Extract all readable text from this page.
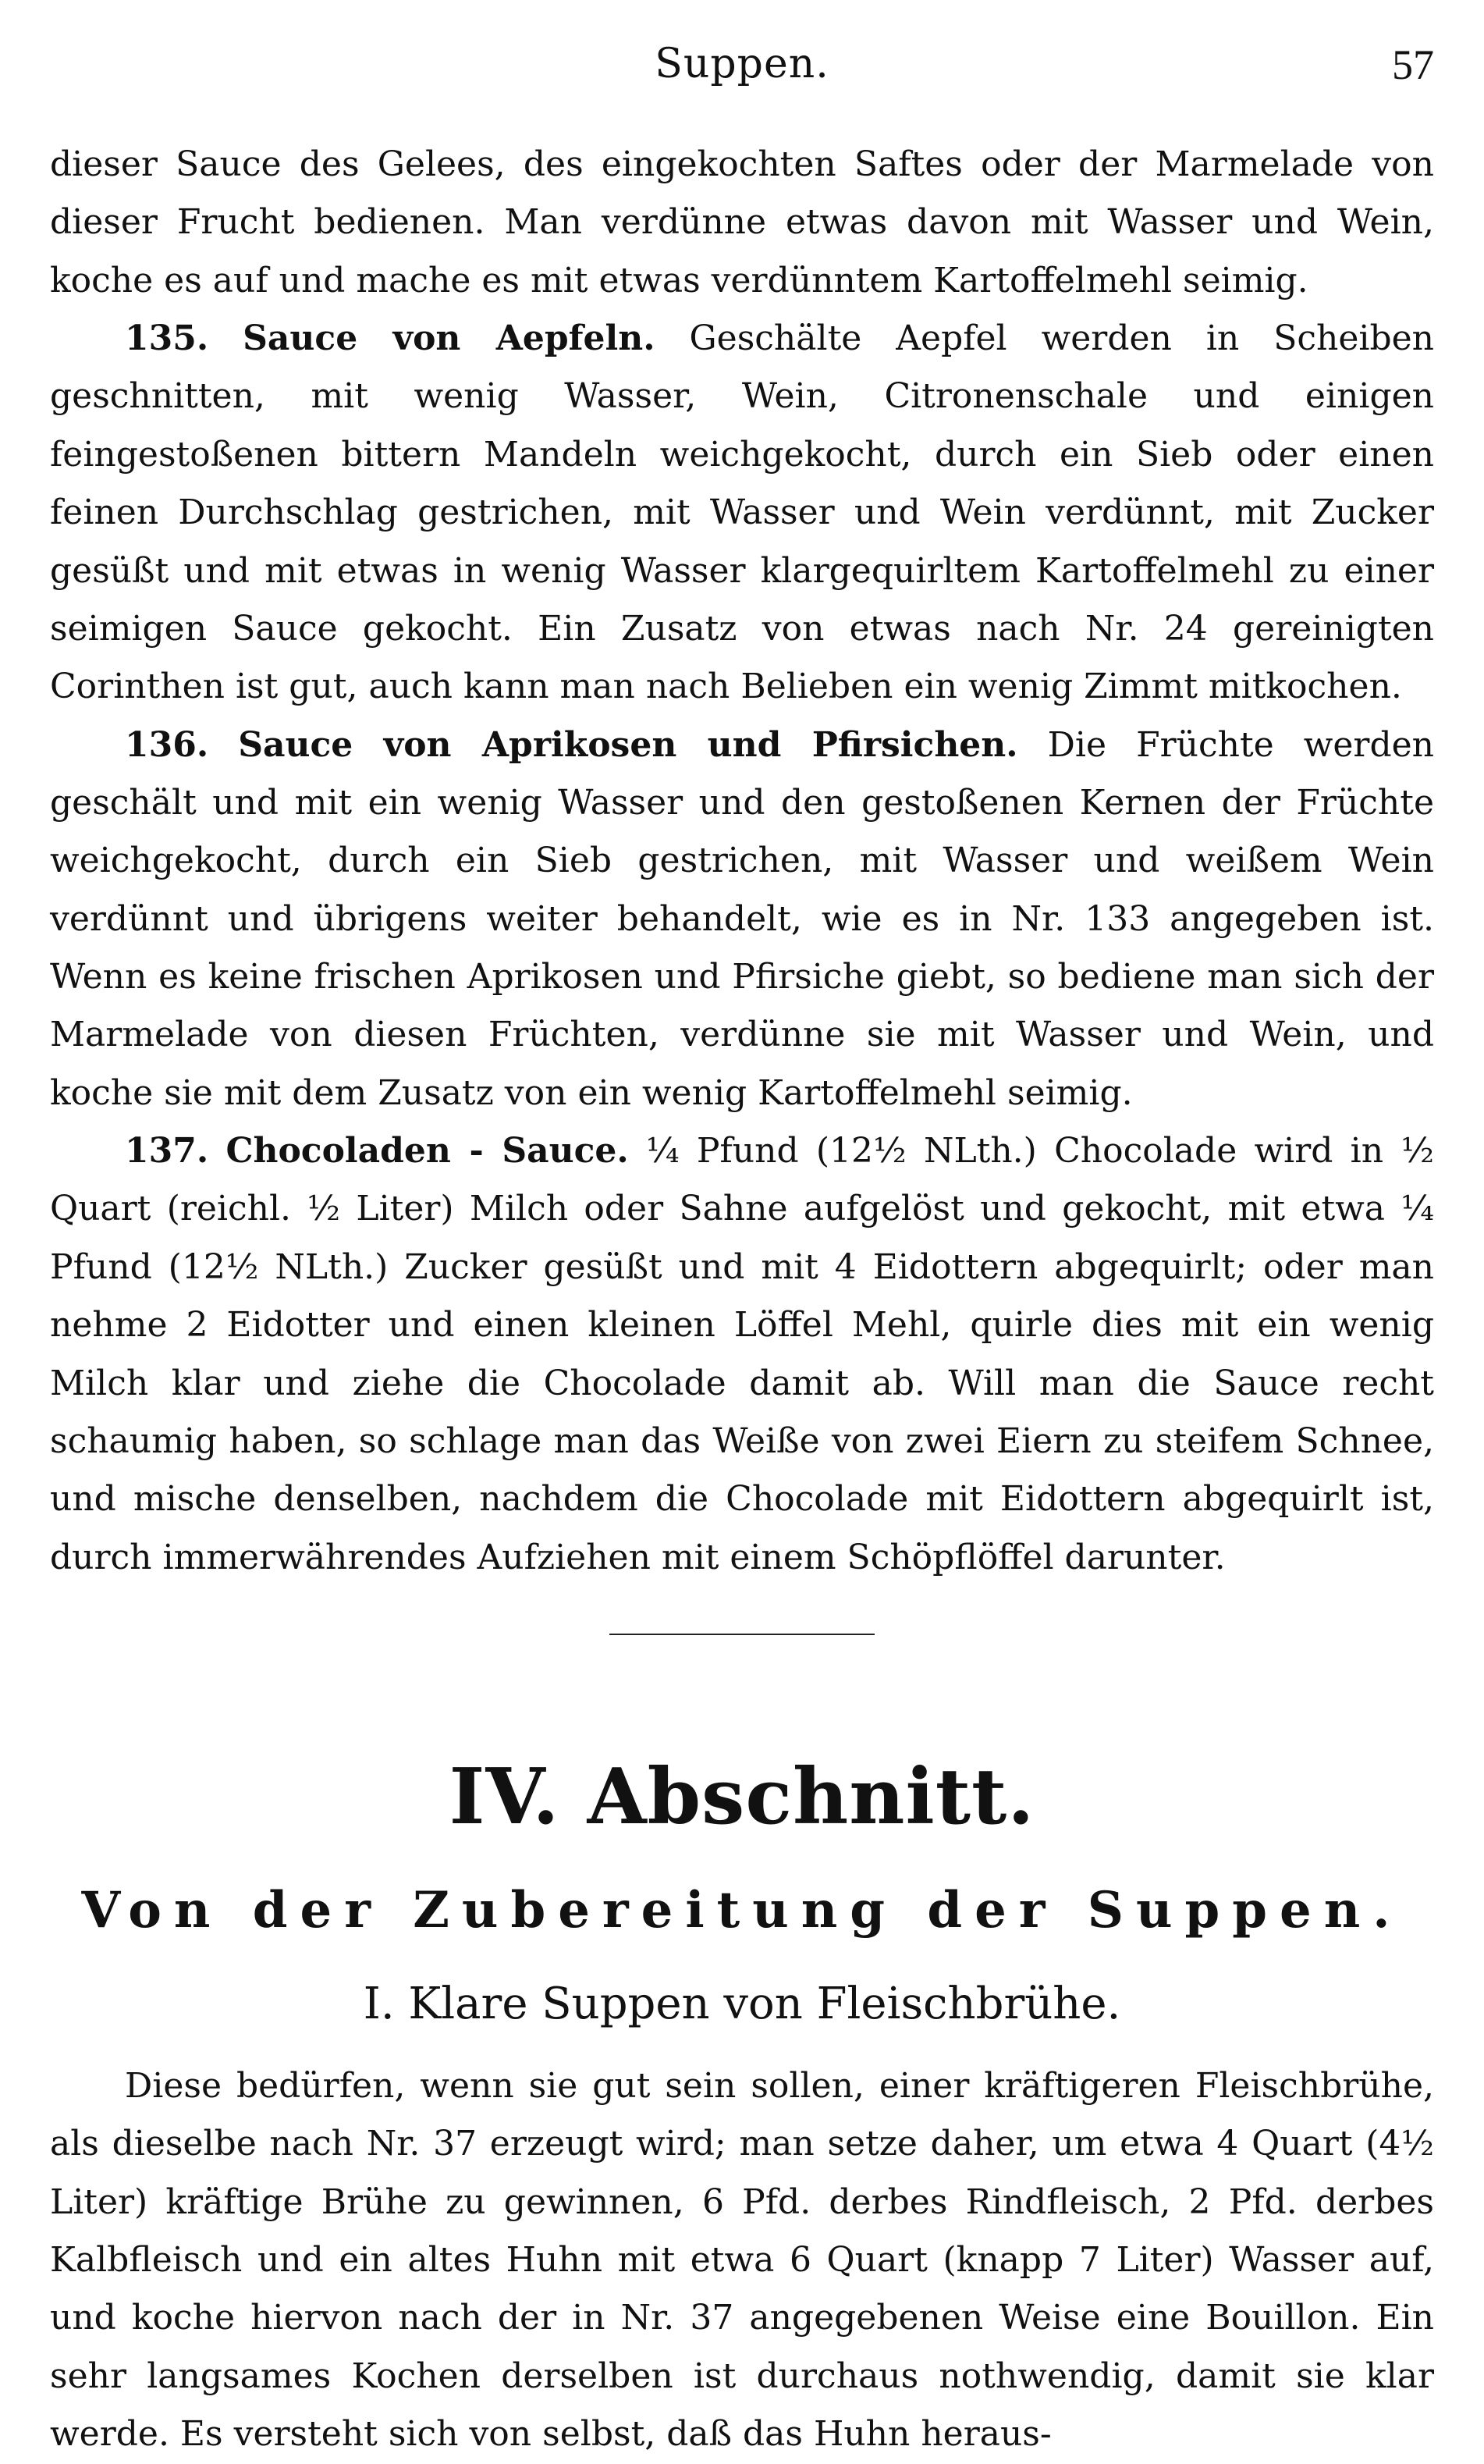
Suppen.	57

dieser Sauce des Gelees, des eingekochten Saftes oder der Marmelade von dieser Frucht bedienen. Man verdünne etwas davon mit Wasser und Wein, koche es auf und mache es mit etwas verdünntem Kartoffelmehl seimig.

135. Sauce von Aepfeln. Geschälte Aepfel werden in Scheiben geschnitten, mit wenig Wasser, Wein, Citronenschale und einigen feingestoßenen bittern Mandeln weichgekocht, durch ein Sieb oder einen feinen Durchschlag gestrichen, mit Wasser und Wein verdünnt, mit Zucker gesüßt und mit etwas in wenig Wasser klargequirltem Kartoffelmehl zu einer seimigen Sauce gekocht. Ein Zusatz von etwas nach Nr. 24 gereinigten Corinthen ist gut, auch kann man nach Belieben ein wenig Zimmt mitkochen.

136. Sauce von Aprikosen und Pfirsichen. Die Früchte werden geschält und mit ein wenig Wasser und den gestoßenen Kernen der Früchte weichgekocht, durch ein Sieb gestrichen, mit Wasser und weißem Wein verdünnt und übrigens weiter behandelt, wie es in Nr. 133 angegeben ist. Wenn es keine frischen Aprikosen und Pfirsiche giebt, so bediene man sich der Marmelade von diesen Früchten, verdünne sie mit Wasser und Wein, und koche sie mit dem Zusatz von ein wenig Kartoffelmehl seimig.

137. Chocoladen - Sauce. ¼ Pfund (12½ NLth.) Chocolade wird in ½ Quart (reichl. ½ Liter) Milch oder Sahne aufgelöst und gekocht, mit etwa ¼ Pfund (12½ NLth.) Zucker gesüßt und mit 4 Eidottern abgequirlt; oder man nehme 2 Eidotter und einen kleinen Löffel Mehl, quirle dies mit ein wenig Milch klar und ziehe die Chocolade damit ab. Will man die Sauce recht schaumig haben, so schlage man das Weiße von zwei Eiern zu steifem Schnee, und mische denselben, nachdem die Chocolade mit Eidottern abgequirlt ist, durch immerwährendes Aufziehen mit einem Schöpflöffel darunter.

IV. Abschnitt.
Von der Zubereitung der Suppen.
I. Klare Suppen von Fleischbrühe.

Diese bedürfen, wenn sie gut sein sollen, einer kräftigeren Fleischbrühe, als dieselbe nach Nr. 37 erzeugt wird; man setze daher, um etwa 4 Quart (4½ Liter) kräftige Brühe zu gewinnen, 6 Pfd. derbes Rindfleisch, 2 Pfd. derbes Kalbfleisch und ein altes Huhn mit etwa 6 Quart (knapp 7 Liter) Wasser auf, und koche hiervon nach der in Nr. 37 angegebenen Weise eine Bouillon. Ein sehr langsames Kochen derselben ist durchaus nothwendig, damit sie klar werde. Es versteht sich von selbst, daß das Huhn heraus-
